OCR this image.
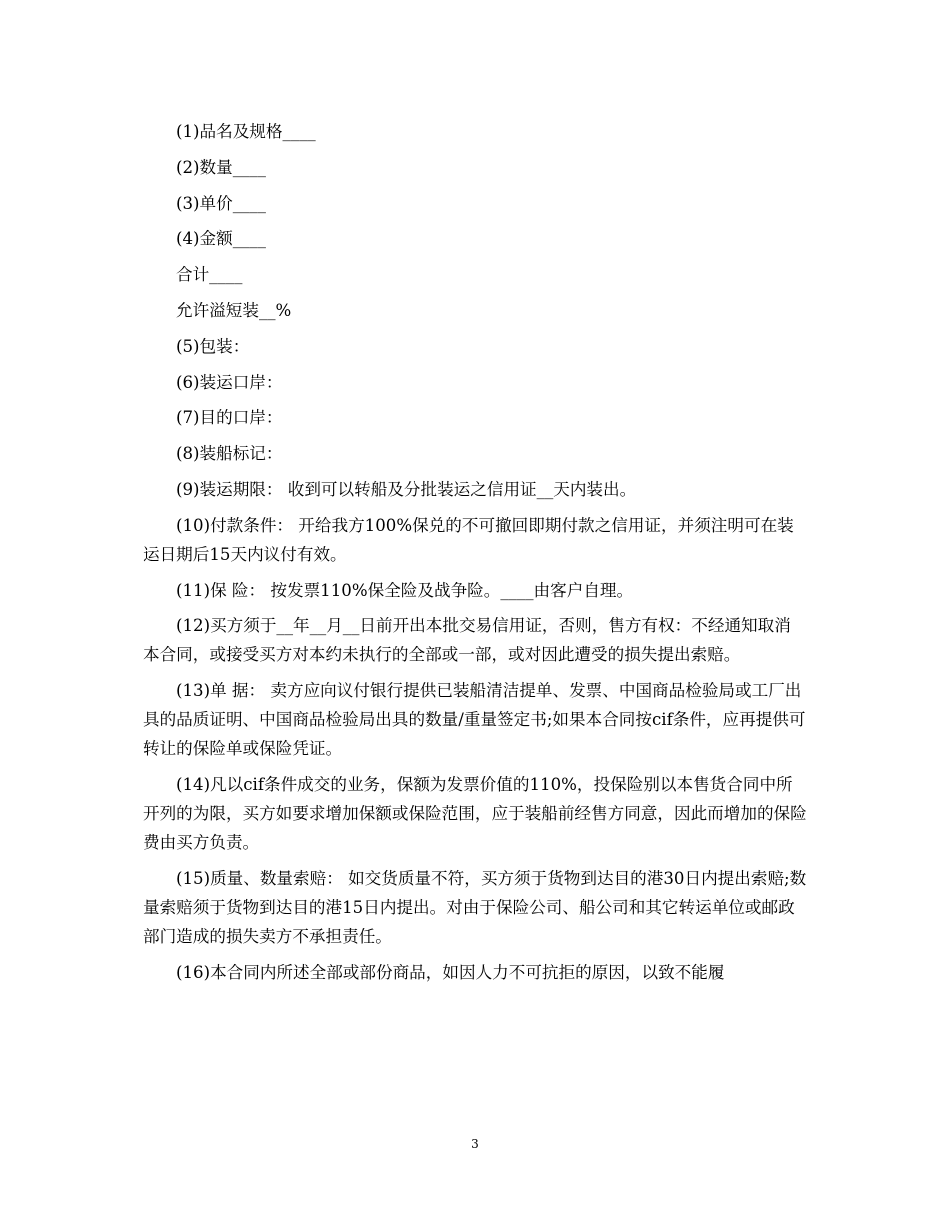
(1)品名及规格____

(2)数量____

(3)单价____

(4)金额____

合计____

允许溢短装__%

(5)包装：

(6)装运口岸：

(7)目的口岸：

(8)装船标记：

(9)装运期限： 收到可以转船及分批装运之信用证__天内装出。

(10)付款条件： 开给我方100%保兑的不可撤回即期付款之信用证，并须注明可在装运日期后15天内议付有效。

(11)保 险： 按发票110%保全险及战争险。____由客户自理。

(12)买方须于__年__月__日前开出本批交易信用证，否则，售方有权：不经通知取消本合同，或接受买方对本约未执行的全部或一部，或对因此遭受的损失提出索赔。

(13)单 据： 卖方应向议付银行提供已装船清洁提单、发票、中国商品检验局或工厂出具的品质证明、中国商品检验局出具的数量/重量签定书;如果本合同按cif条件，应再提供可转让的保险单或保险凭证。

(14)凡以cif条件成交的业务，保额为发票价值的110%，投保险别以本售货合同中所开列的为限，买方如要求增加保额或保险范围，应于装船前经售方同意，因此而增加的保险费由买方负责。

(15)质量、数量索赔： 如交货质量不符，买方须于货物到达目的港30日内提出索赔;数量索赔须于货物到达目的港15日内提出。对由于保险公司、船公司和其它转运单位或邮政部门造成的损失卖方不承担责任。

(16)本合同内所述全部或部份商品，如因人力不可抗拒的原因，以致不能履

3
